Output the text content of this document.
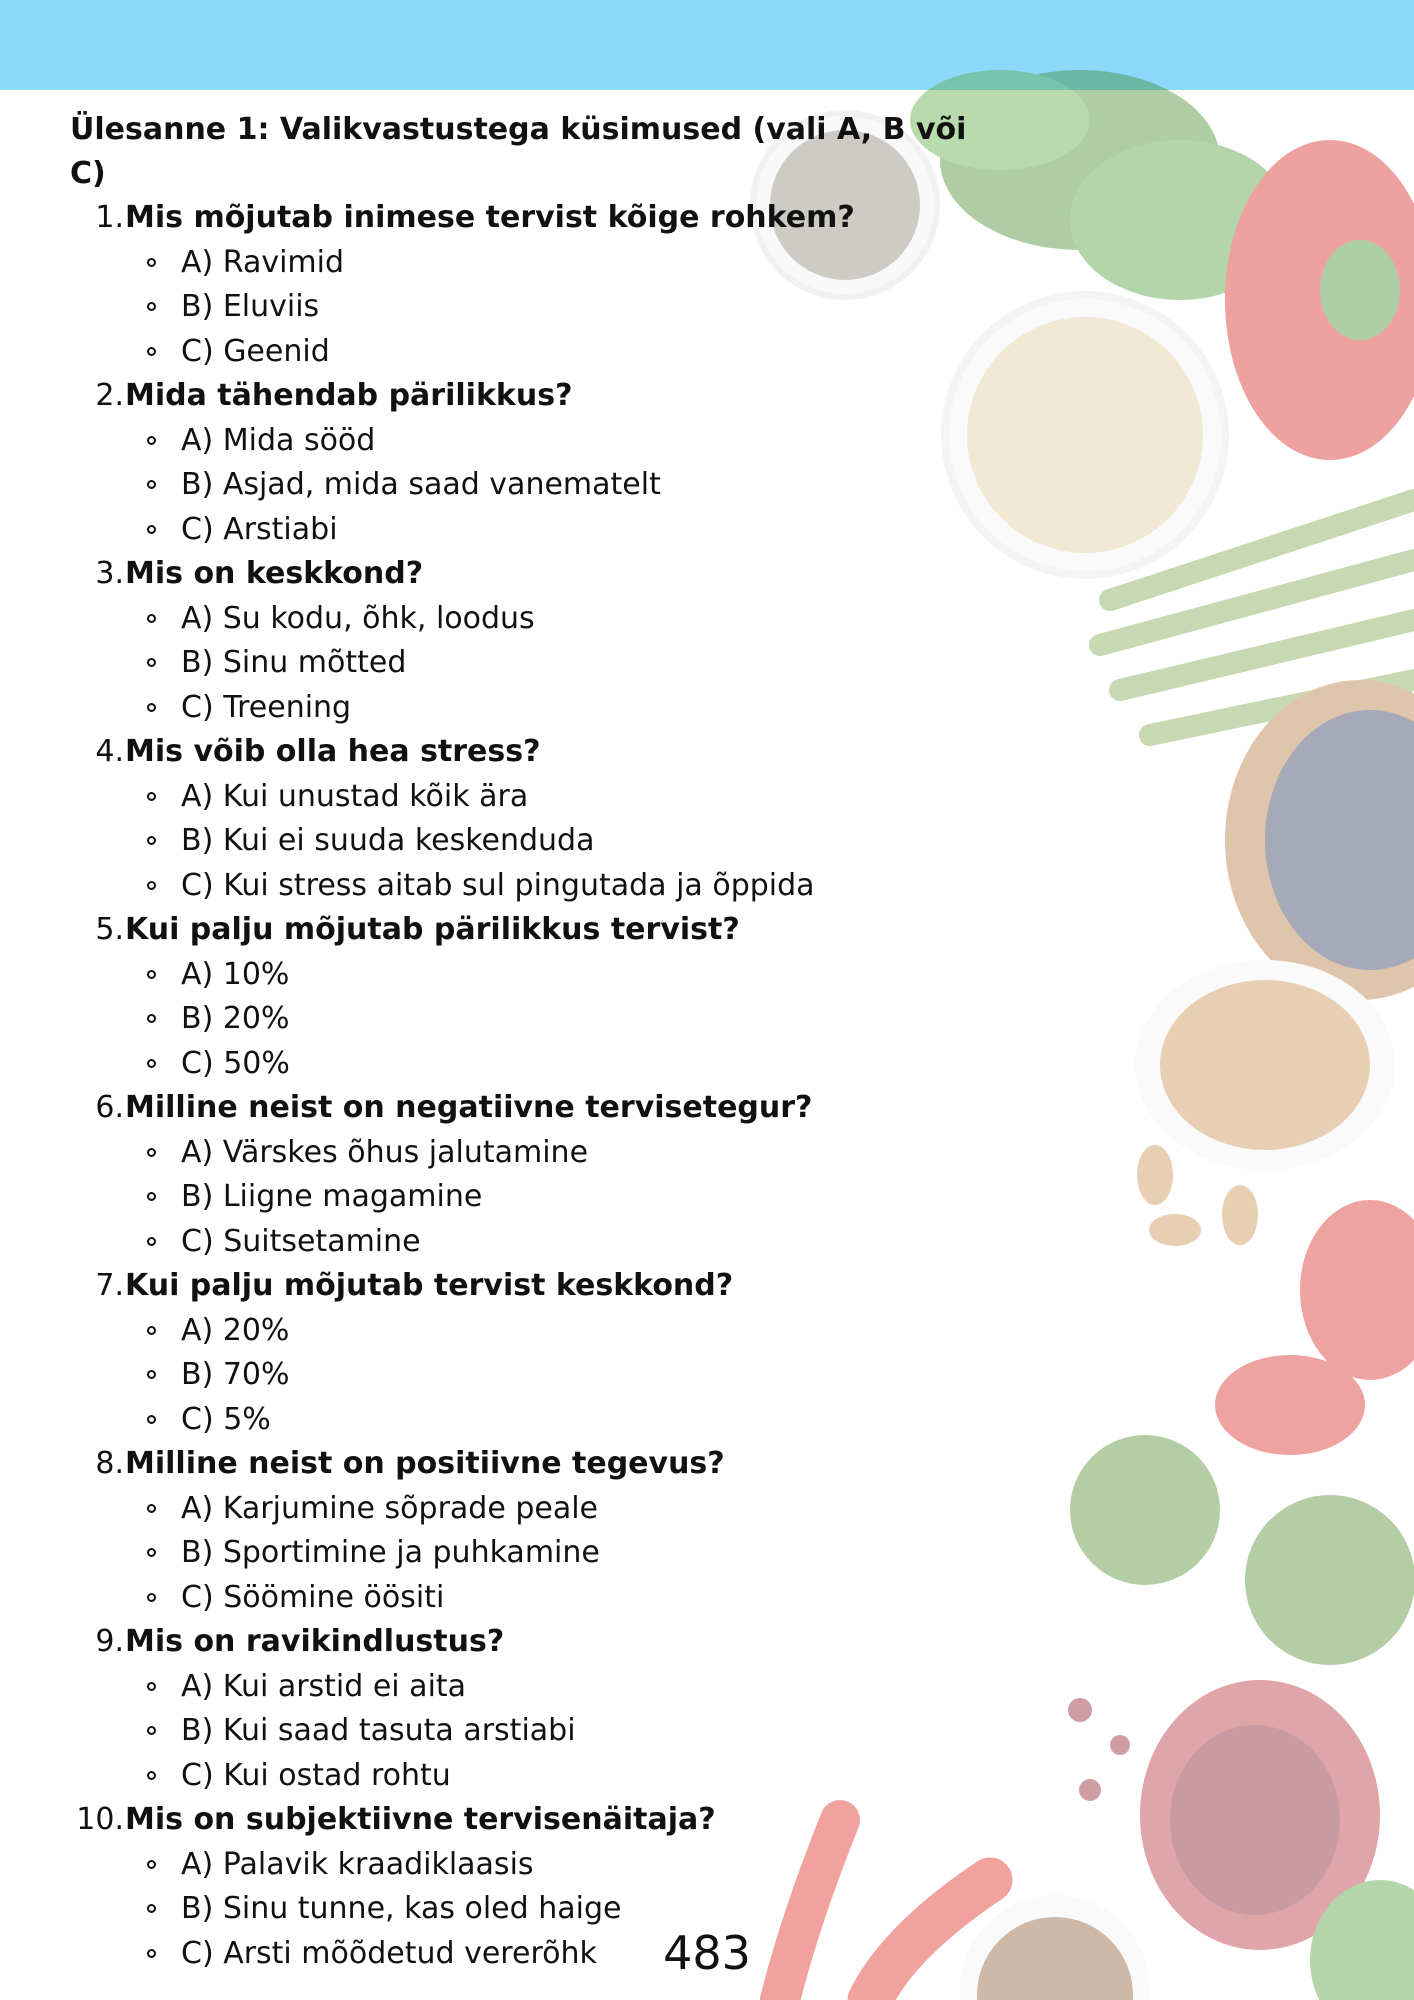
Ülesanne 1: Valikvastustega küsimused (vali A, B või C)
1. Mis mõjutab inimese tervist kõige rohkem?
A) Ravimid
B) Eluviis
C) Geenid
2. Mida tähendab pärilikkus?
A) Mida sööd
B) Asjad, mida saad vanematelt
C) Arstiabi
3. Mis on keskkond?
A) Su kodu, õhk, loodus
B) Sinu mõtted
C) Treening
4. Mis võib olla hea stress?
A) Kui unustad kõik ära
B) Kui ei suuda keskenduda
C) Kui stress aitab sul pingutada ja õppida
5. Kui palju mõjutab pärilikkus tervist?
A) 10%
B) 20%
C) 50%
6. Milline neist on negatiivne tervisetegur?
A) Värskes õhus jalutamine
B) Liigne magamine
C) Suitsetamine
7. Kui palju mõjutab tervist keskkond?
A) 20%
B) 70%
C) 5%
8. Milline neist on positiivne tegevus?
A) Karjumine sõprade peale
B) Sportimine ja puhkamine
C) Söömine öösiti
9. Mis on ravikindlustus?
A) Kui arstid ei aita
B) Kui saad tasuta arstiabi
C) Kui ostad rohtu
10. Mis on subjektiivne tervisenäitaja?
A) Palavik kraadiklaasis
B) Sinu tunne, kas oled haige
C) Arsti mõõdetud vererõhk	483
